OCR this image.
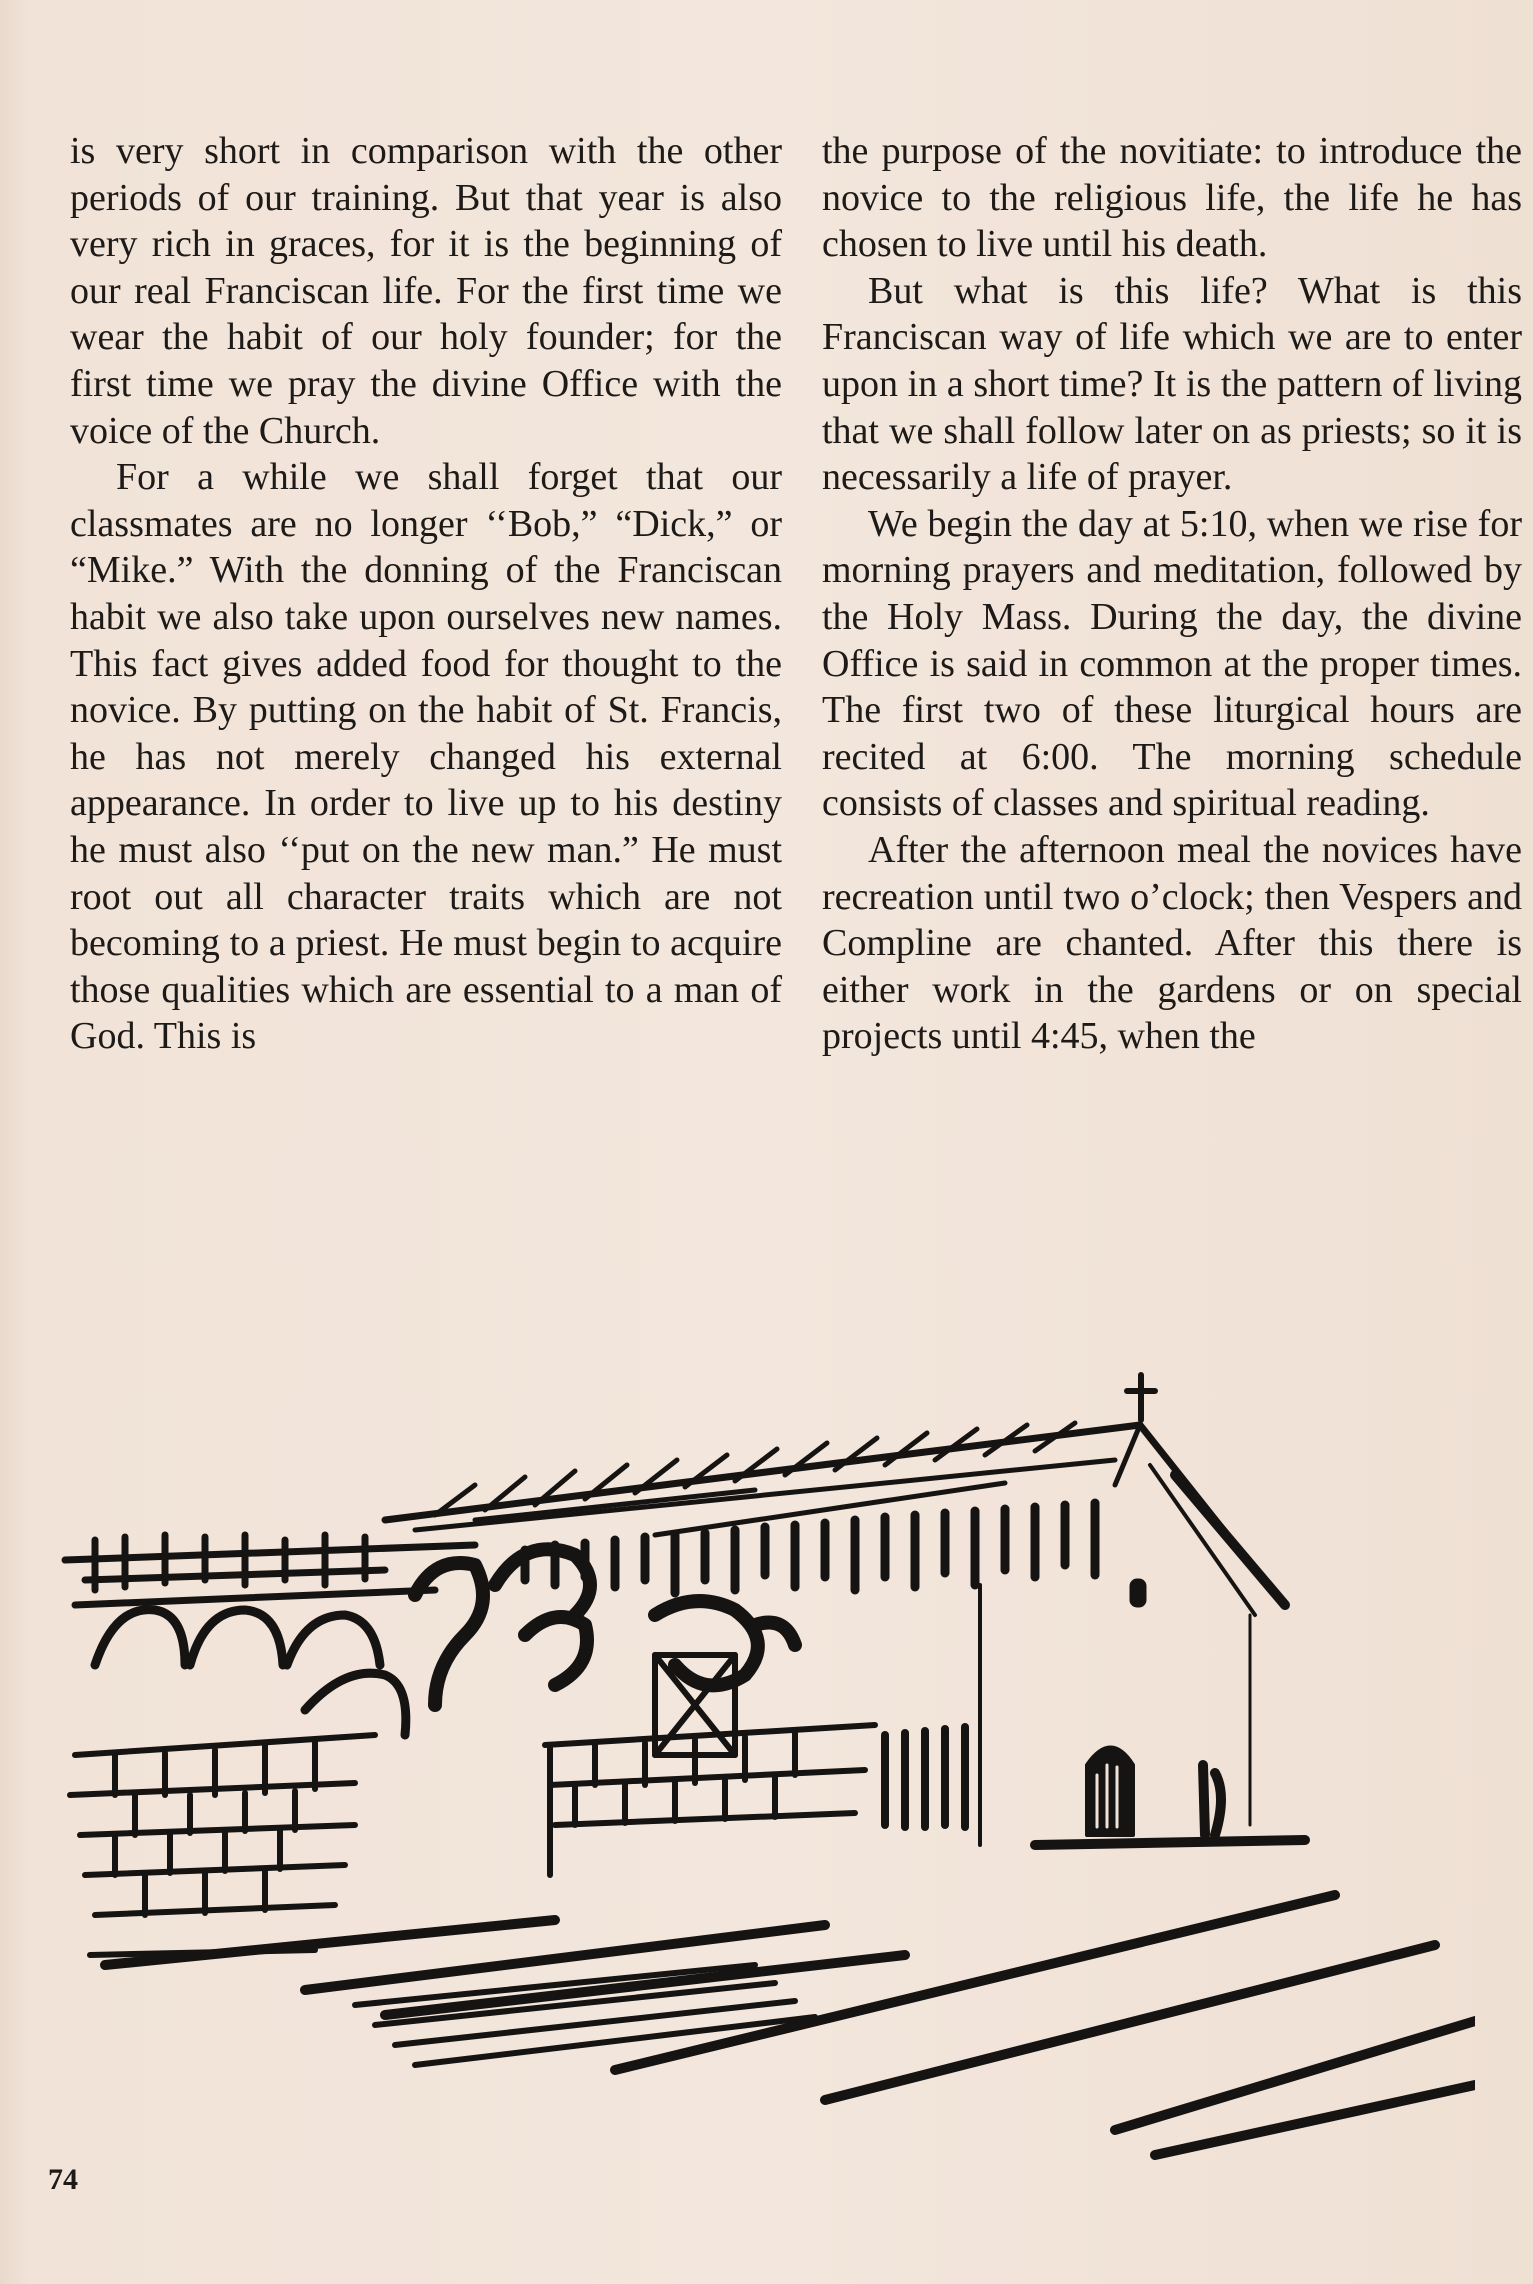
is very short in comparison with the other periods of our training. But that year is also very rich in graces, for it is the beginning of our real Franciscan life. For the first time we wear the habit of our holy founder; for the first time we pray the divine Office with the voice of the Church.

For a while we shall forget that our classmates are no longer ‘‘Bob,” “Dick,” or “Mike.” With the donning of the Franciscan habit we also take upon ourselves new names. This fact gives added food for thought to the novice. By putting on the habit of St. Francis, he has not merely changed his external appearance. In order to live up to his destiny he must also ‘‘put on the new man.” He must root out all character traits which are not becoming to a priest. He must begin to acquire those qualities which are essential to a man of God. This is

the purpose of the novitiate: to introduce the novice to the religious life, the life he has chosen to live until his death.

But what is this life? What is this Franciscan way of life which we are to enter upon in a short time? It is the pattern of living that we shall follow later on as priests; so it is necessarily a life of prayer.

We begin the day at 5:10, when we rise for morning prayers and meditation, followed by the Holy Mass. During the day, the divine Office is said in common at the proper times. The first two of these liturgical hours are recited at 6:00. The morning schedule consists of classes and spiritual reading.

After the afternoon meal the novices have recreation until two o’clock; then Vespers and Compline are chanted. After this there is either work in the gardens or on special projects until 4:45, when the

74
